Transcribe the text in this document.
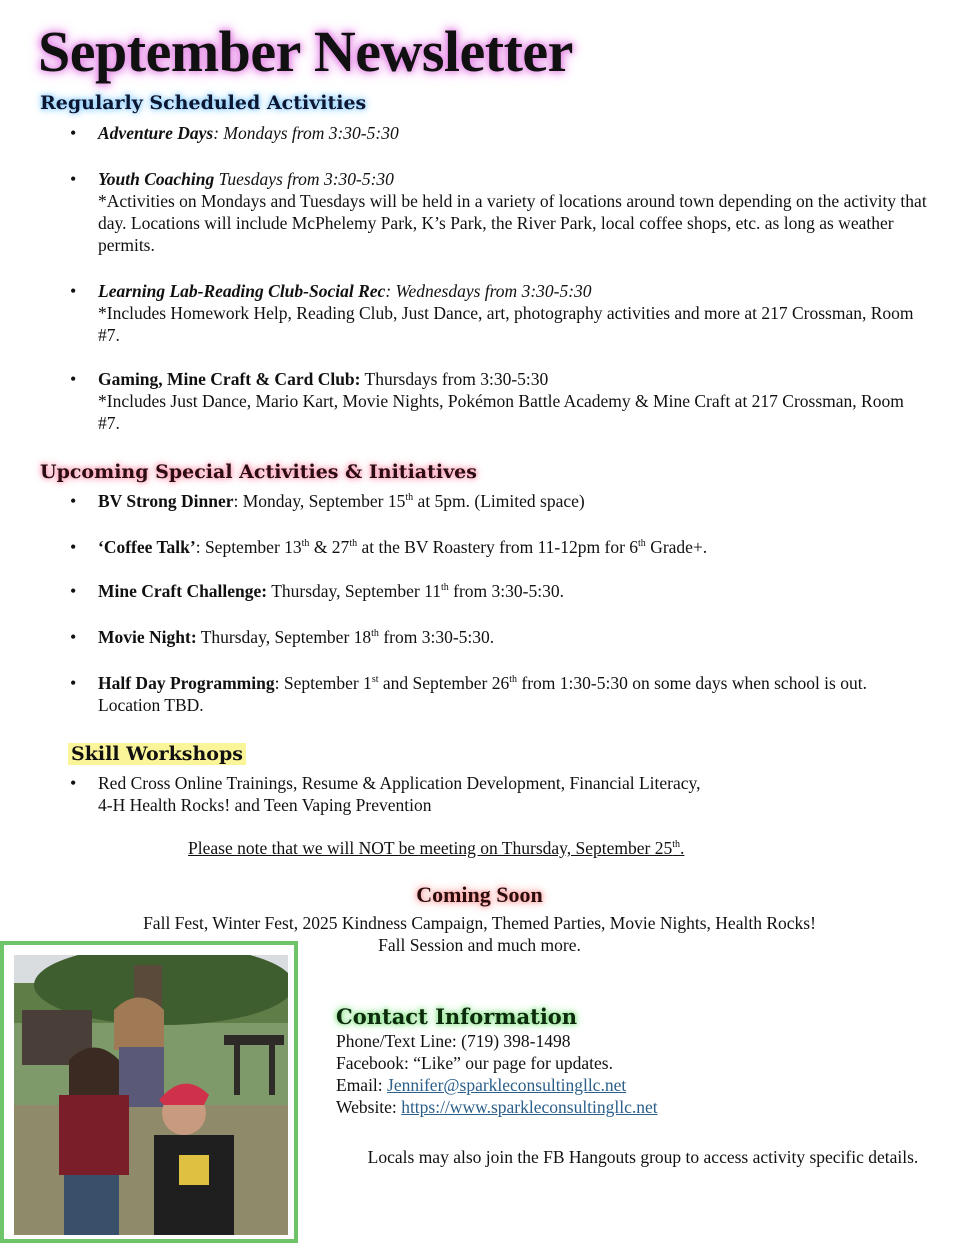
September Newsletter
Regularly Scheduled Activities
• Adventure Days: Mondays from 3:30-5:30
• Youth Coaching Tuesdays from 3:30-5:30
*Activities on Mondays and Tuesdays will be held in a variety of locations around town depending on the activity that day. Locations will include McPhelemy Park, K’s Park, the River Park, local coffee shops, etc. as long as weather permits.
• Learning Lab-Reading Club-Social Rec: Wednesdays from 3:30-5:30
*Includes Homework Help, Reading Club, Just Dance, art, photography activities and more at 217 Crossman, Room #7.
• Gaming, Mine Craft & Card Club: Thursdays from 3:30-5:30
*Includes Just Dance, Mario Kart, Movie Nights, Pokémon Battle Academy & Mine Craft at 217 Crossman, Room #7.
Upcoming Special Activities & Initiatives
• BV Strong Dinner: Monday, September 15th at 5pm. (Limited space)
• ‘Coffee Talk’: September 13th & 27th at the BV Roastery from 11-12pm for 6th Grade+.
• Mine Craft Challenge: Thursday, September 11th from 3:30-5:30.
• Movie Night: Thursday, September 18th from 3:30-5:30.
• Half Day Programming: September 1st and September 26th from 1:30-5:30 on some days when school is out. Location TBD.
Skill Workshops
• Red Cross Online Trainings, Resume & Application Development, Financial Literacy,
4-H Health Rocks! and Teen Vaping Prevention
Please note that we will NOT be meeting on Thursday, September 25th.
Coming Soon
Fall Fest, Winter Fest, 2025 Kindness Campaign, Themed Parties, Movie Nights, Health Rocks!
Fall Session and much more.
Contact Information
Phone/Text Line: (719) 398-1498
Facebook: “Like” our page for updates.
Email: Jennifer@sparkleconsultingllc.net
Website: https://www.sparkleconsultingllc.net
Locals may also join the FB Hangouts group to access activity specific details.
